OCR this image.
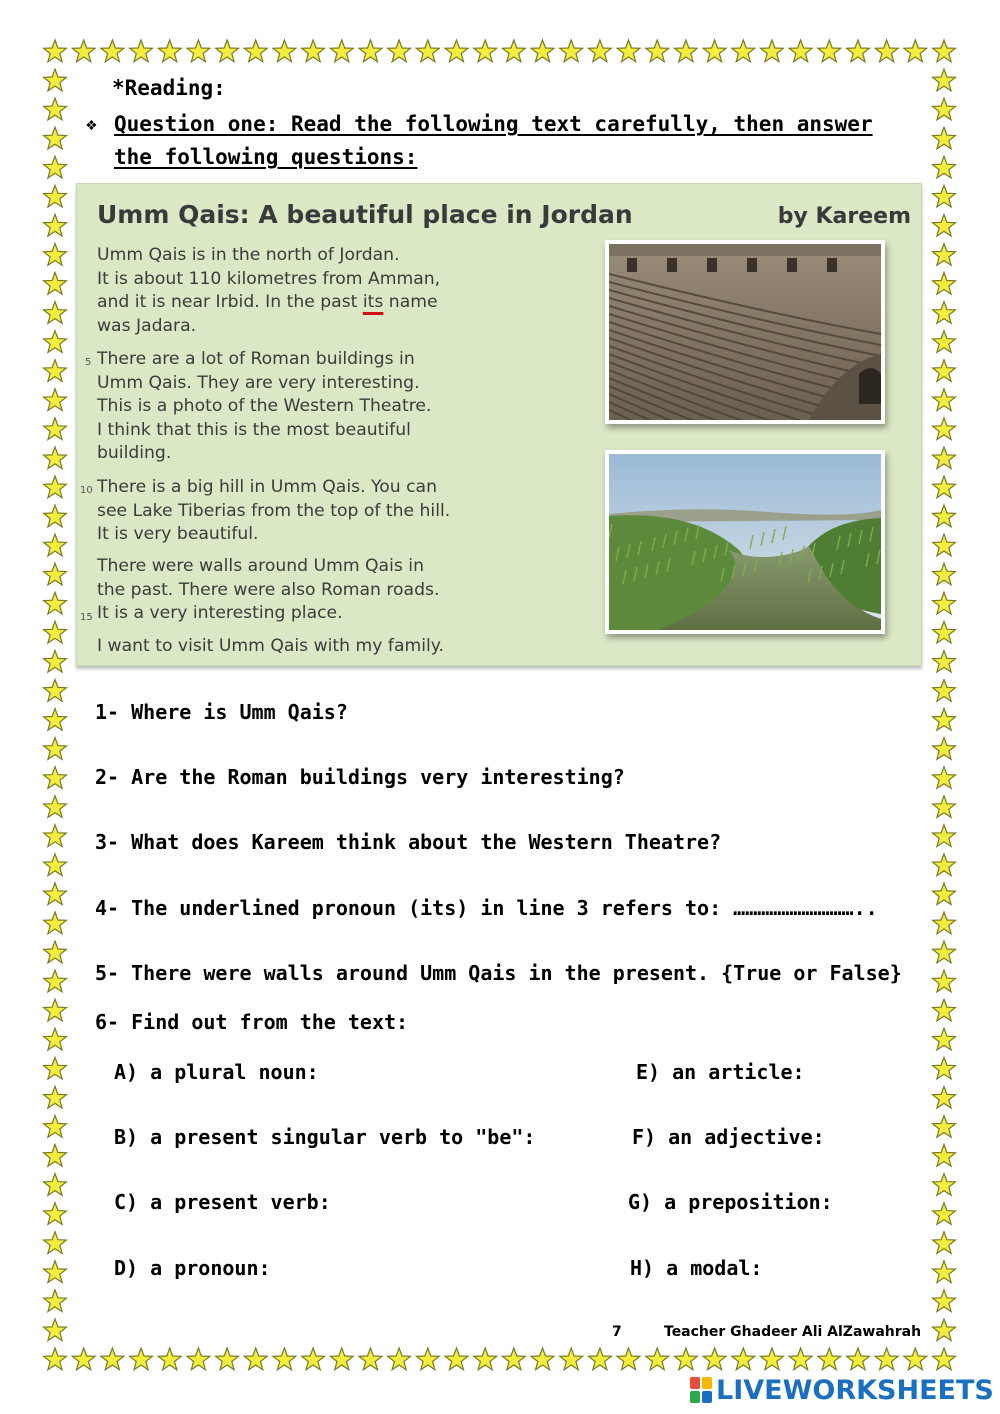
*Reading:
❖ Question one: Read the following text carefully, then answer the following questions:
Umm Qais: A beautiful place in Jordan	by Kareem
Umm Qais is in the north of Jordan.
It is about 110 kilometres from Amman,
and it is near Irbid. In the past its name
was Jadara.
5 There are a lot of Roman buildings in
Umm Qais. They are very interesting.
This is a photo of the Western Theatre.
I think that this is the most beautiful
building.
10 There is a big hill in Umm Qais. You can
see Lake Tiberias from the top of the hill.
It is very beautiful.
15
There were walls around Umm Qais in
the past. There were also Roman roads.
It is a very interesting place.
I want to visit Umm Qais with my family.
1- Where is Umm Qais?
2- Are the Roman buildings very interesting?
3- What does Kareem think about the Western Theatre?
4- The underlined pronoun (its) in line 3 refers to: …………………………..
5- There were walls around Umm Qais in the present. {True or False}
6- Find out from the text:
A) a plural noun:
B) a present singular verb to "be":
C) a present verb:
D) a pronoun:
E) an article:
F) an adjective:
G) a preposition:
H) a modal:
7	Teacher Ghadeer Ali AlZawahrah
LIVEWORKSHEETS
